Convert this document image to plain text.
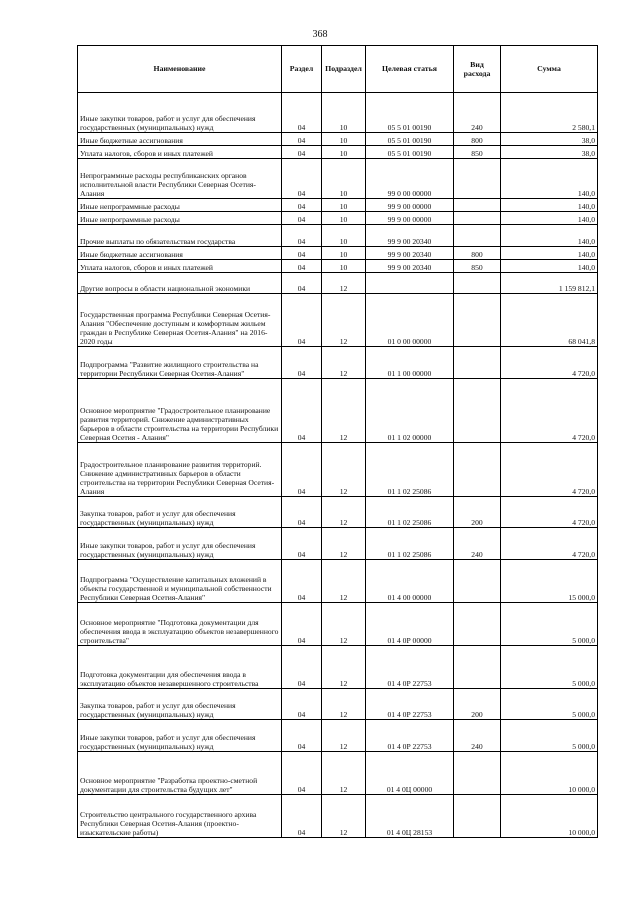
368
Наименование	Раздел	Подраздел	Целевая статья	Вид расхода	Сумма
Иные закупки товаров, работ и услуг для обеспечения государственных (муниципальных) нужд	04	10	05 5 01 00190	240	2 580,1
Иные бюджетные ассигнования	04	10	05 5 01 00190	800	38,0
Уплата налогов, сборов и иных платежей	04	10	05 5 01 00190	850	38,0
Непрограммные расходы республиканских органов исполнительной власти Республики Северная Осетия-Алания	04	10	99 0 00 00000		140,0
Иные непрограммные расходы	04	10	99 9 00 00000		140,0
Иные непрограммные расходы	04	10	99 9 00 00000		140,0
Прочие выплаты по обязательствам государства	04	10	99 9 00 20340		140,0
Иные бюджетные ассигнования	04	10	99 9 00 20340	800	140,0
Уплата налогов, сборов и иных платежей	04	10	99 9 00 20340	850	140,0
Другие вопросы в области национальной экономики	04	12			1 159 812,1
Государственная программа Республики Северная Осетия-Алания "Обеспечение доступным и комфортным жильем граждан в Республике Северная Осетия-Алания" на 2016-2020 годы	04	12	01 0 00 00000		68 041,8
Подпрограмма "Развитие жилищного строительства на территории Республики Северная Осетия-Алания"	04	12	01 1 00 00000		4 720,0
Основное мероприятие "Градостроительное планирование развития территорий. Снижение административных барьеров в области строительства на территории Республики Северная Осетия - Алания"	04	12	01 1 02 00000		4 720,0
Градостроительное планирование развития территорий. Снижение административных барьеров в области строительства на территории Республики Северная Осетия-Алания	04	12	01 1 02 25086		4 720,0
Закупка товаров, работ и услуг для обеспечения государственных (муниципальных) нужд	04	12	01 1 02 25086	200	4 720,0
Иные закупки товаров, работ и услуг для обеспечения государственных (муниципальных) нужд	04	12	01 1 02 25086	240	4 720,0
Подпрограмма "Осуществление капитальных вложений в объекты государственной и муниципальной собственности Республики Северная Осетия-Алания"	04	12	01 4 00 00000		15 000,0
Основное мероприятие "Подготовка документации для обеспечения ввода в эксплуатацию объектов незавершенного строительства"	04	12	01 4 0Р 00000		5 000,0
Подготовка документации для обеспечения ввода в эксплуатацию объектов незавершенного строительства	04	12	01 4 0Р 22753		5 000,0
Закупка товаров, работ и услуг для обеспечения государственных (муниципальных) нужд	04	12	01 4 0Р 22753	200	5 000,0
Иные закупки товаров, работ и услуг для обеспечения государственных (муниципальных) нужд	04	12	01 4 0Р 22753	240	5 000,0
Основное мероприятие "Разработка проектно-сметной документации для строительства будущих лет"	04	12	01 4 0Ц 00000		10 000,0
Строительство центрального государственного архива Республики Северная Осетия-Алания (проектно-изыскательские работы)	04	12	01 4 0Ц 28153		10 000,0
